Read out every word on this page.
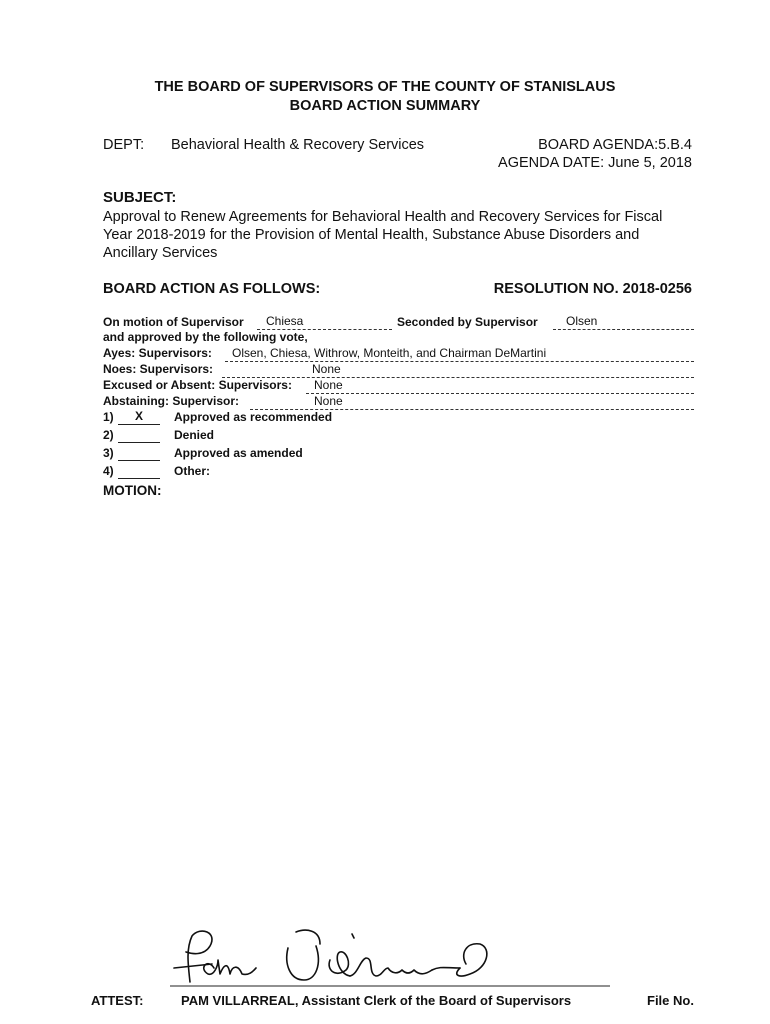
THE BOARD OF SUPERVISORS OF THE COUNTY OF STANISLAUS
BOARD ACTION SUMMARY
DEPT: Behavioral Health & Recovery Services	BOARD AGENDA:5.B.4
AGENDA DATE: June 5, 2018
SUBJECT:
Approval to Renew Agreements for Behavioral Health and Recovery Services for Fiscal Year 2018-2019 for the Provision of Mental Health, Substance Abuse Disorders and Ancillary Services
BOARD ACTION AS FOLLOWS:	RESOLUTION NO. 2018-0256
On motion of Supervisor Chiesa	Seconded by Supervisor Olsen
and approved by the following vote,
Ayes: Supervisors: Olsen, Chiesa, Withrow, Monteith, and Chairman DeMartini
Noes: Supervisors:	None
Excused or Absent: Supervisors: None
Abstaining: Supervisor:	None
1)	X	Approved as recommended
2)	Denied
3)	Approved as amended
4)	Other:
MOTION:
ATTEST:	PAM VILLARREAL, Assistant Clerk of the Board of Supervisors	File No.
